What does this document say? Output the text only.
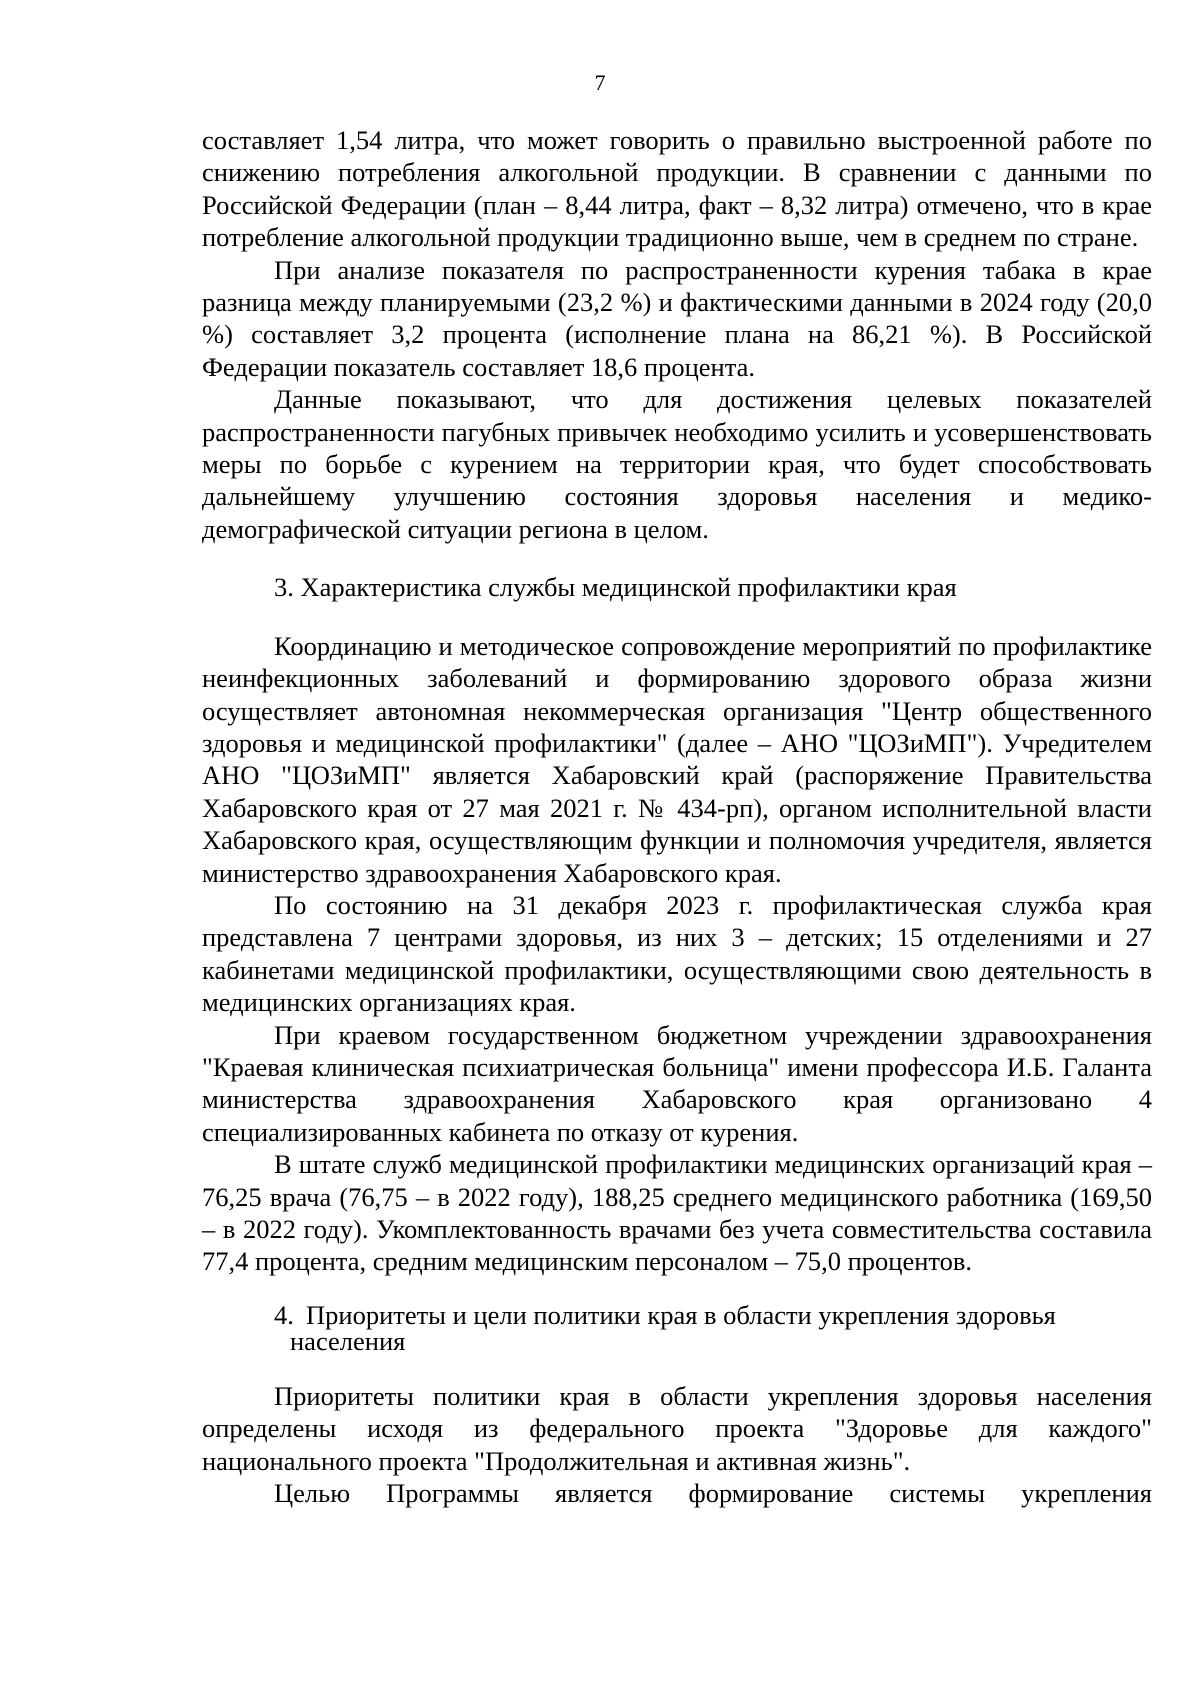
7

составляет 1,54 литра, что может говорить о правильно выстроенной работе по снижению потребления алкогольной продукции. В сравнении с данными по Российской Федерации (план – 8,44 литра, факт – 8,32 литра) отмечено, что в крае потребление алкогольной продукции традиционно выше, чем в среднем по стране.

При анализе показателя по распространенности курения табака в крае разница между планируемыми (23,2 %) и фактическими данными в 2024 году (20,0 %) составляет 3,2 процента (исполнение плана на 86,21 %). В Российской Федерации показатель составляет 18,6 процента.

Данные показывают, что для достижения целевых показателей распространенности пагубных привычек необходимо усилить и усовершенствовать меры по борьбе с курением на территории края, что будет способствовать дальнейшему улучшению состояния здоровья населения и медико-демографической ситуации региона в целом.

3. Характеристика службы медицинской профилактики края

Координацию и методическое сопровождение мероприятий по профилактике неинфекционных заболеваний и формированию здорового образа жизни осуществляет автономная некоммерческая организация "Центр общественного здоровья и медицинской профилактики" (далее – АНО "ЦОЗиМП"). Учредителем АНО "ЦОЗиМП" является Хабаровский край (распоряжение Правительства Хабаровского края от 27 мая 2021 г. № 434-рп), органом исполнительной власти Хабаровского края, осуществляющим функции и полномочия учредителя, является министерство здравоохранения Хабаровского края.

По состоянию на 31 декабря 2023 г. профилактическая служба края представлена 7 центрами здоровья, из них 3 – детских; 15 отделениями и 27 кабинетами медицинской профилактики, осуществляющими свою деятельность в медицинских организациях края.

При краевом государственном бюджетном учреждении здравоохранения "Краевая клиническая психиатрическая больница" имени профессора И.Б. Галанта министерства здравоохранения Хабаровского края организовано 4 специализированных кабинета по отказу от курения.

В штате служб медицинской профилактики медицинских организаций края – 76,25 врача (76,75 – в 2022 году), 188,25 среднего медицинского работника (169,50 – в 2022 году). Укомплектованность врачами без учета совместительства составила 77,4 процента, средним медицинским персоналом – 75,0 процентов.

4. Приоритеты и цели политики края в области укрепления здоровья
населения

Приоритеты политики края в области укрепления здоровья населения определены исходя из федерального проекта "Здоровье для каждого" национального проекта "Продолжительная и активная жизнь".

Целью Программы является формирование системы укрепления
